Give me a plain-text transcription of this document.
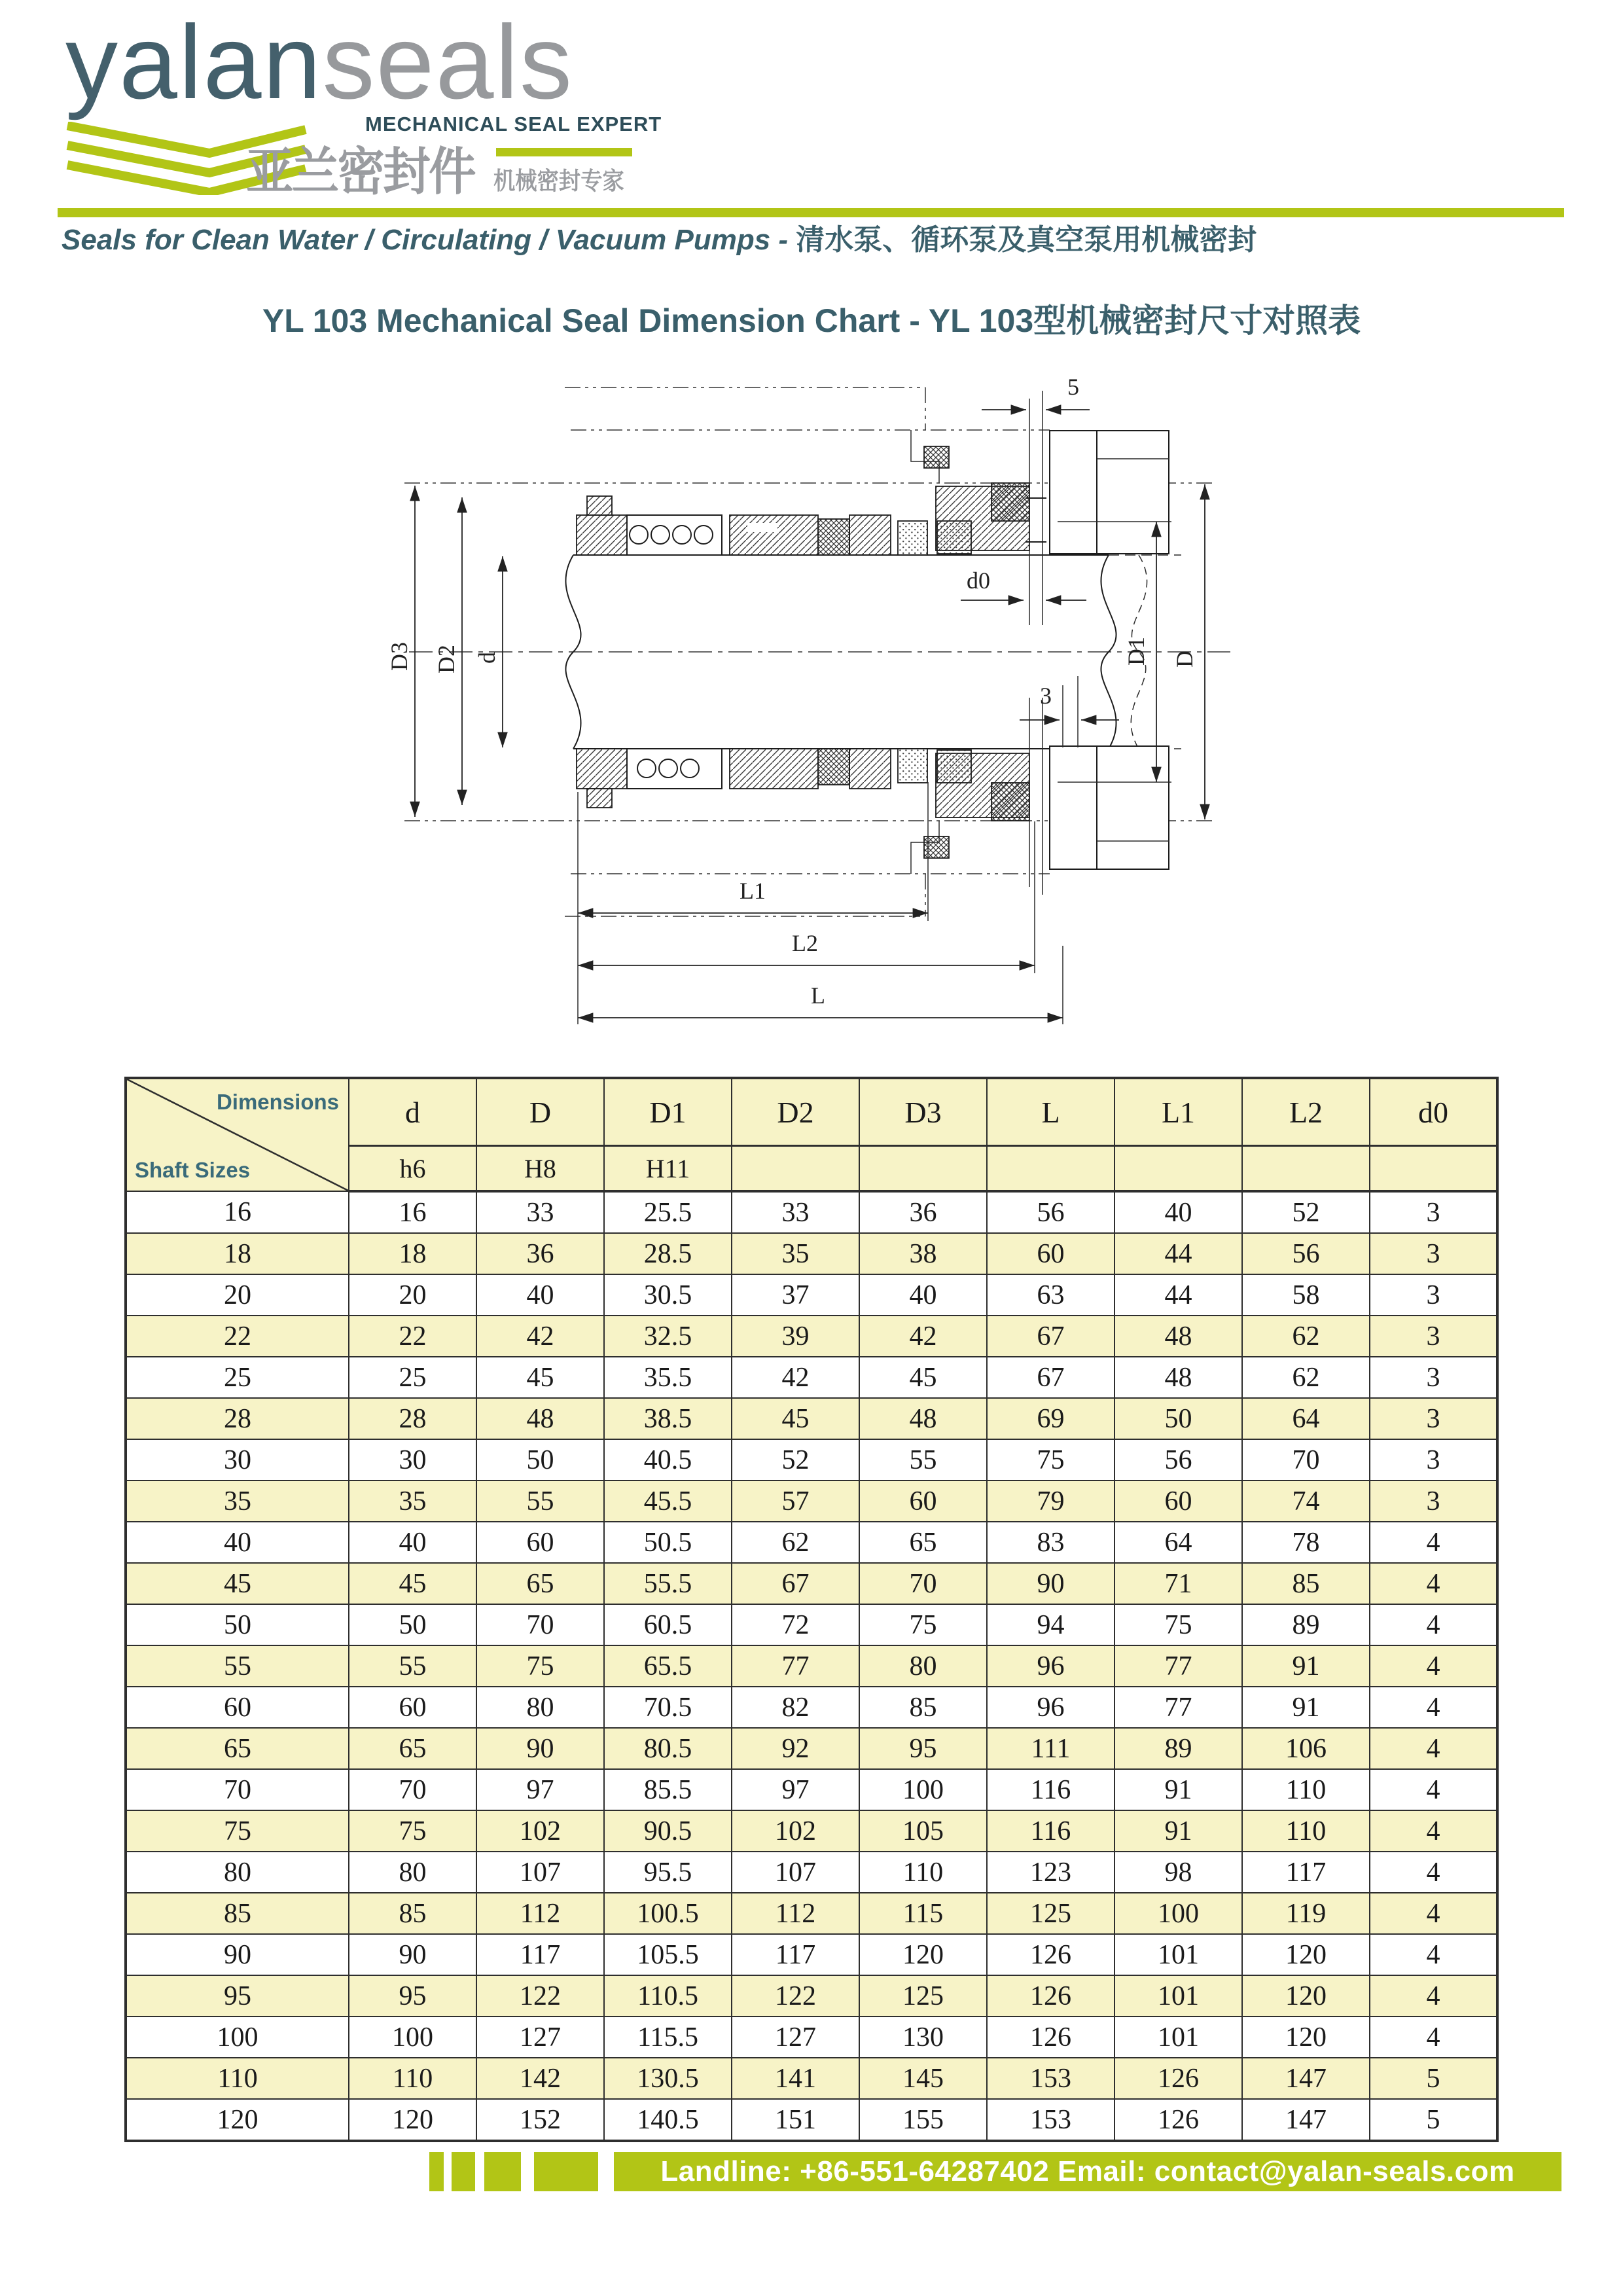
yalanseals
MECHANICAL SEAL EXPERT
亚兰密封件 机械密封专家
Seals for Clean Water / Circulating / Vacuum Pumps - 清水泵、循环泵及真空泵用机械密封
YL 103 Mechanical Seal Dimension Chart - YL 103型机械密封尺寸对照表
5
d0
3
D3 D2 d	D1 D
L1
L2
L
Dimensions
Shaft Sizes	d	D	D1	D2	D3	L	L1	L2	d0
	h6	H8	H11						
16	16	33	25.5	33	36	56	40	52	3
18	18	36	28.5	35	38	60	44	56	3
20	20	40	30.5	37	40	63	44	58	3
22	22	42	32.5	39	42	67	48	62	3
25	25	45	35.5	42	45	67	48	62	3
28	28	48	38.5	45	48	69	50	64	3
30	30	50	40.5	52	55	75	56	70	3
35	35	55	45.5	57	60	79	60	74	3
40	40	60	50.5	62	65	83	64	78	4
45	45	65	55.5	67	70	90	71	85	4
50	50	70	60.5	72	75	94	75	89	4
55	55	75	65.5	77	80	96	77	91	4
60	60	80	70.5	82	85	96	77	91	4
65	65	90	80.5	92	95	111	89	106	4
70	70	97	85.5	97	100	116	91	110	4
75	75	102	90.5	102	105	116	91	110	4
80	80	107	95.5	107	110	123	98	117	4
85	85	112	100.5	112	115	125	100	119	4
90	90	117	105.5	117	120	126	101	120	4
95	95	122	110.5	122	125	126	101	120	4
100	100	127	115.5	127	130	126	101	120	4
110	110	142	130.5	141	145	153	126	147	5
120	120	152	140.5	151	155	153	126	147	5
Landline: +86-551-64287402 Email: contact@yalan-seals.com
